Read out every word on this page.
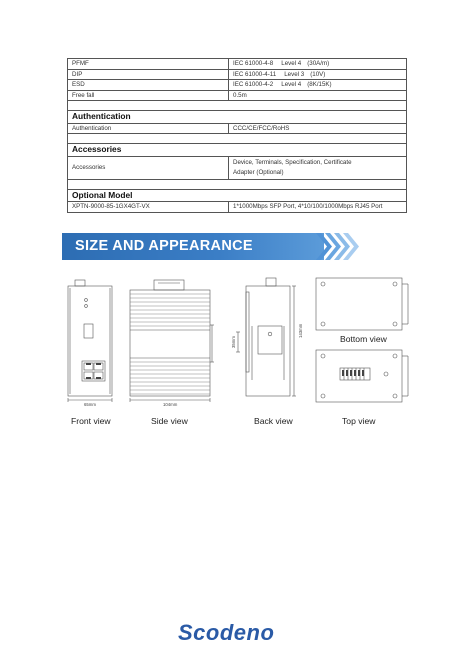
PFMF	IEC 61000-4-8 Level 4 (30A/m)
DIP	IEC 61000-4-11 Level 3 (10V)
ESD	IEC 61000-4-2 Level 4 (8K/15K)
Free fall	0.5m

Authentication	
Authentication	CCC/CE/FCC/RoHS

Accessories	
Accessories	Device, Terminals, Specification, Certificate
Adapter (Optional)

Optional Model	
XPTN-9000-85-1GX4GT-VX	1*1000Mbps SFP Port, 4*10/100/1000Mbps RJ45 Port
SIZE AND APPEARANCE
65mm	104mm
143mm
35mm	Bottom view
Front view	Side view	Back view	Top view
Scodeno
